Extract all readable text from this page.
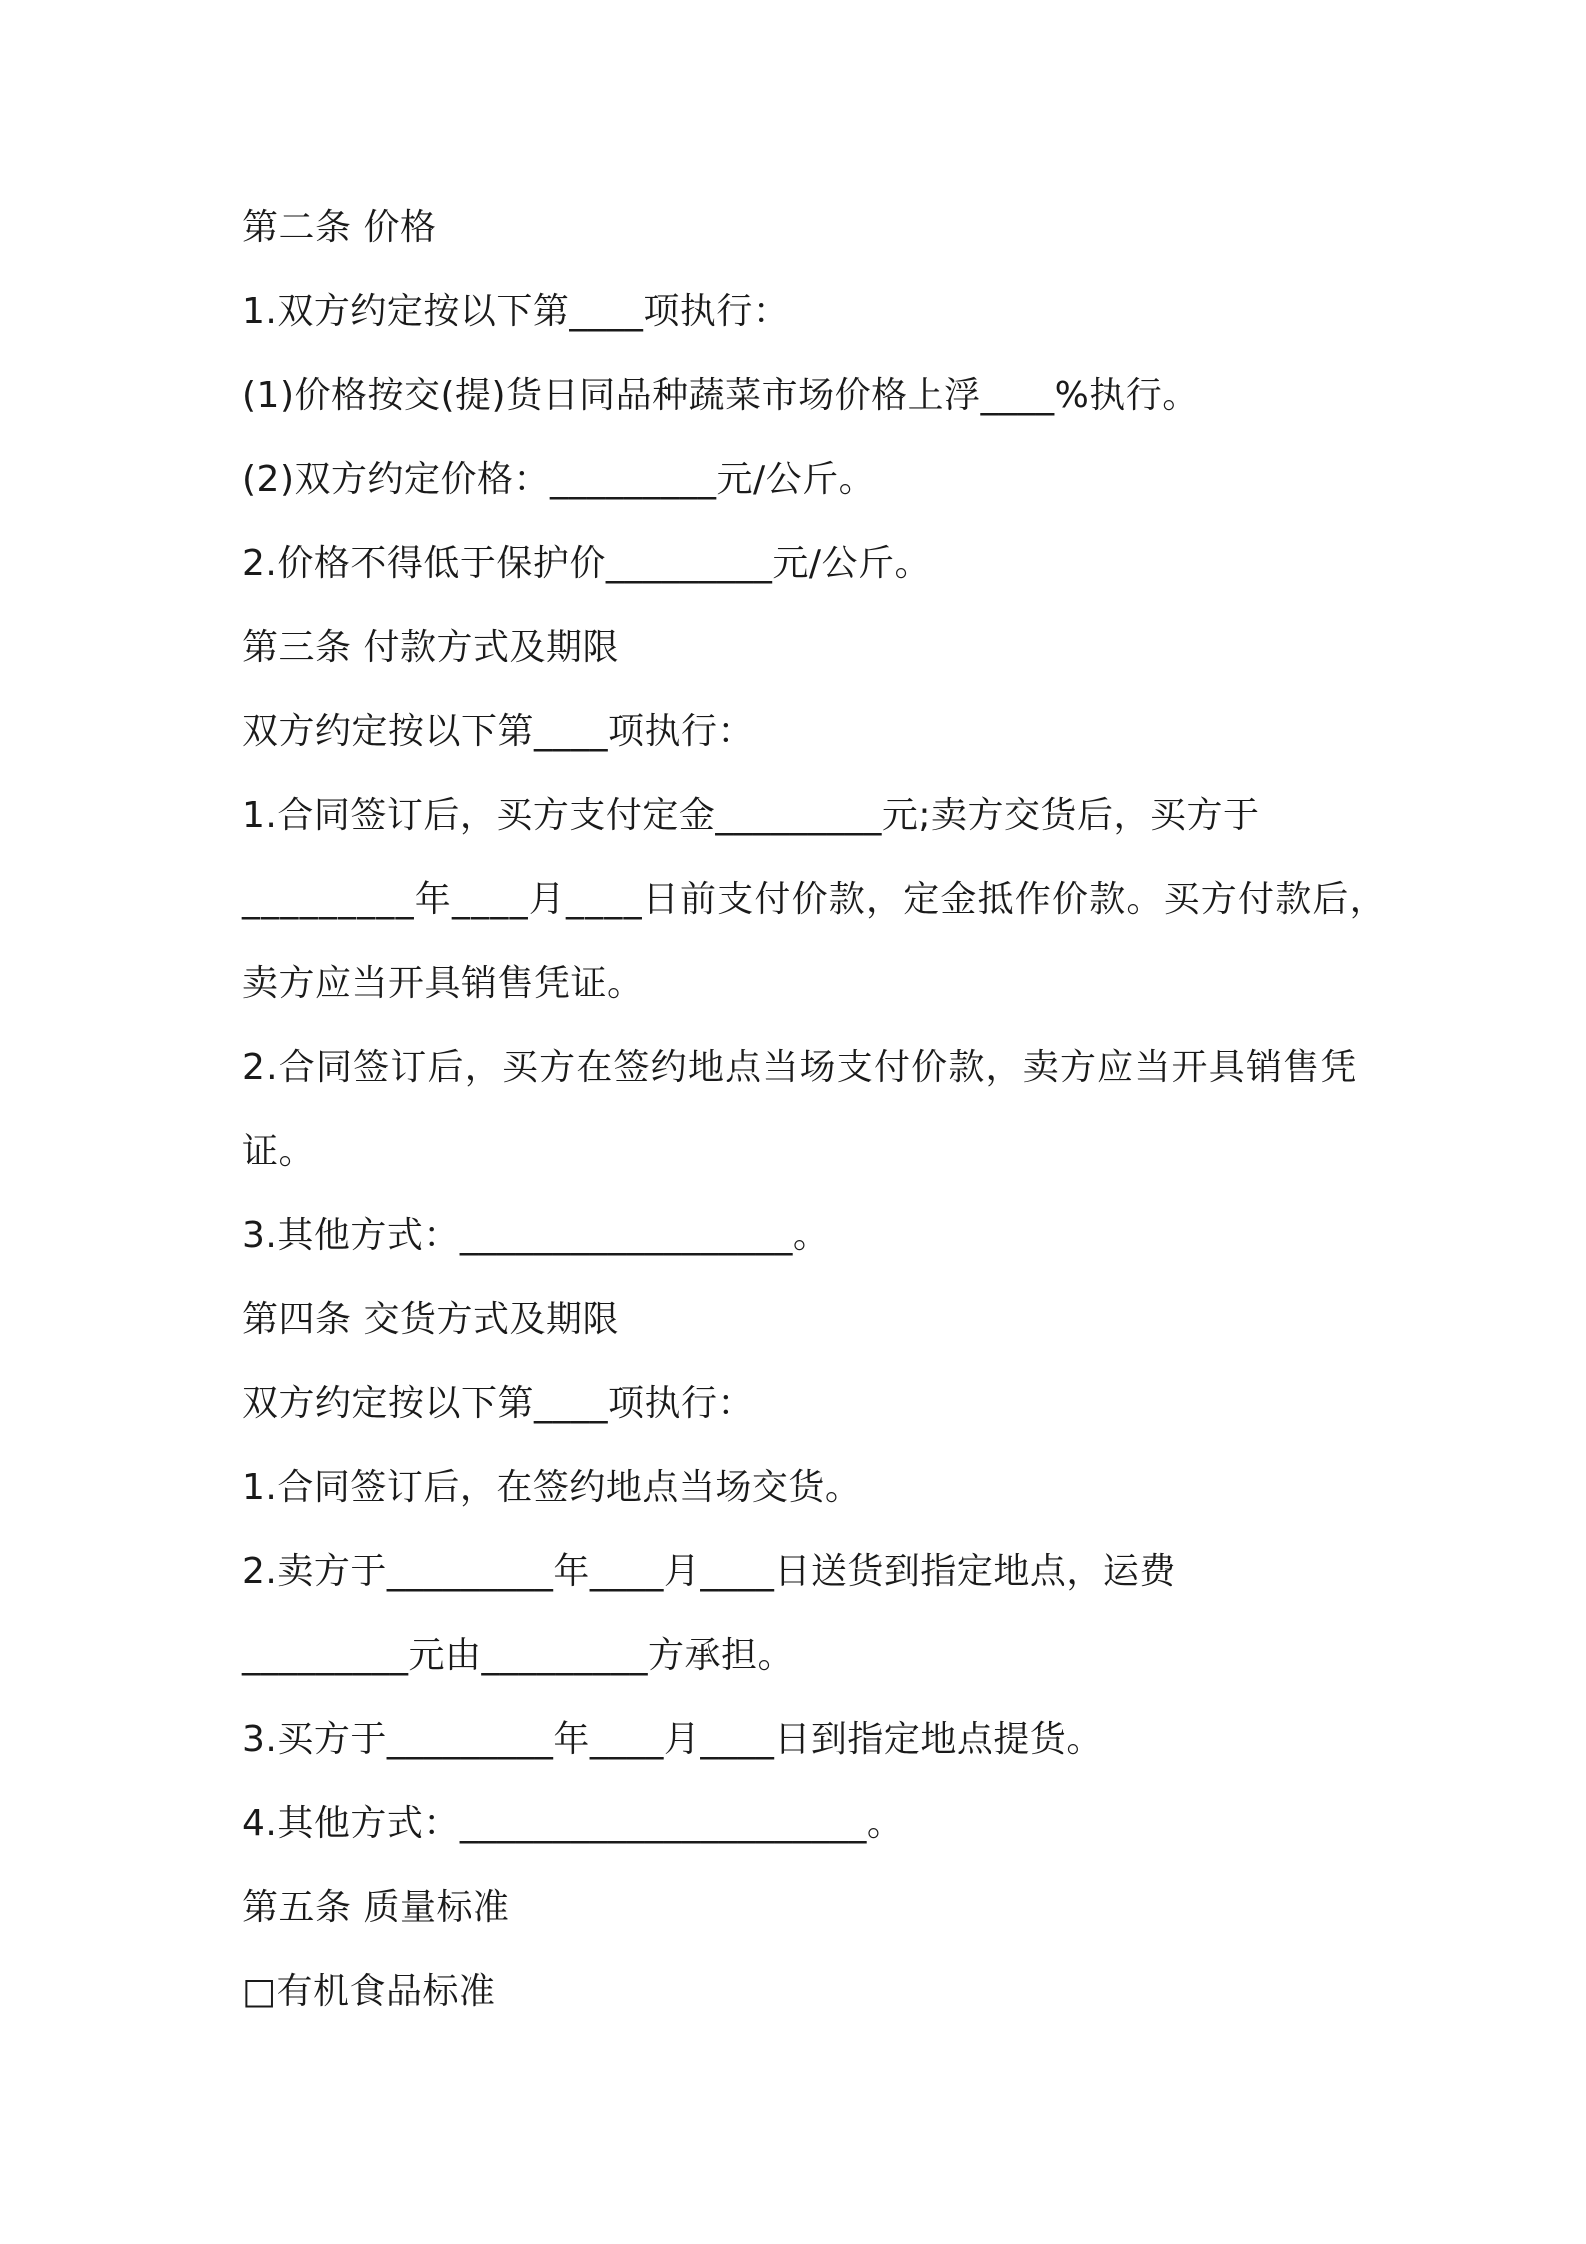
第二条 价格
1.双方约定按以下第____项执行：
(1)价格按交(提)货日同品种蔬菜市场价格上浮____%执行。
(2)双方约定价格：_________元/公斤。
2.价格不得低于保护价_________元/公斤。
第三条 付款方式及期限
双方约定按以下第____项执行：
1.合同签订后，买方支付定金_________元;卖方交货后，买方于
_________年____月____日前支付价款，定金抵作价款。买方付款后，
卖方应当开具销售凭证。
2.合同签订后，买方在签约地点当场支付价款，卖方应当开具销售凭
证。
3.其他方式：__________________。
第四条 交货方式及期限
双方约定按以下第____项执行：
1.合同签订后，在签约地点当场交货。
2.卖方于_________年____月____日送货到指定地点，运费
_________元由_________方承担。
3.买方于_________年____月____日到指定地点提货。
4.其他方式：______________________。
第五条 质量标准
□有机食品标准
